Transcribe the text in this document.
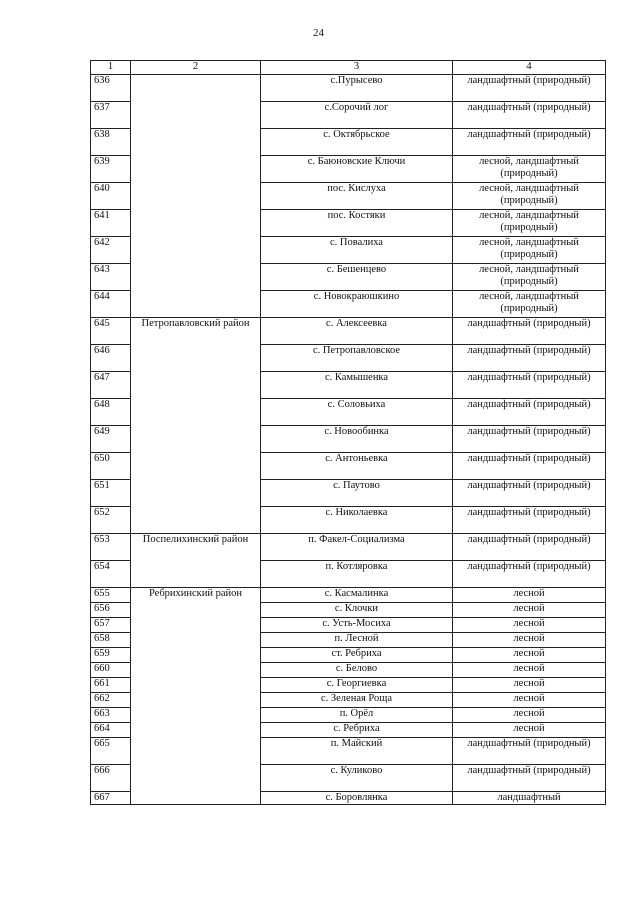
24
1	2	3	4
636		с.Пурысево	ландшафтный (природный)
637		с.Сорочий лог	ландшафтный (природный)
638		с. Октябрьское	ландшафтный (природный)
639		с. Баюновские Ключи	лесной, ландшафтный (природный)
640		пос. Кислуха	лесной, ландшафтный (природный)
641		пос. Костяки	лесной, ландшафтный (природный)
642		с. Повалиха	лесной, ландшафтный (природный)
643		с. Бешенцево	лесной, ландшафтный (природный)
644		с. Новокраюшкино	лесной, ландшафтный (природный)
645	Петропавловский район	с. Алексеевка	ландшафтный (природный)
646		с. Петропавловское	ландшафтный (природный)
647		с. Камышенка	ландшафтный (природный)
648		с. Соловьиха	ландшафтный (природный)
649		с. Новообинка	ландшафтный (природный)
650		с. Антоньевка	ландшафтный (природный)
651		с. Паутово	ландшафтный (природный)
652		с. Николаевка	ландшафтный (природный)
653	Поспелихинский район	п. Факел-Социализма	ландшафтный (природный)
654		п. Котляровка	ландшафтный (природный)
655	Ребрихинский район	с. Касмалинка	лесной
656		с. Клочки	лесной
657		с. Усть-Мосиха	лесной
658		п. Лесной	лесной
659		ст. Ребриха	лесной
660		с. Белово	лесной
661		с. Георгиевка	лесной
662		с. Зеленая Роща	лесной
663		п. Орёл	лесной
664		с. Ребриха	лесной
665		п. Майский	ландшафтный (природный)
666		с. Куликово	ландшафтный (природный)
667		с. Боровлянка	ландшафтный
